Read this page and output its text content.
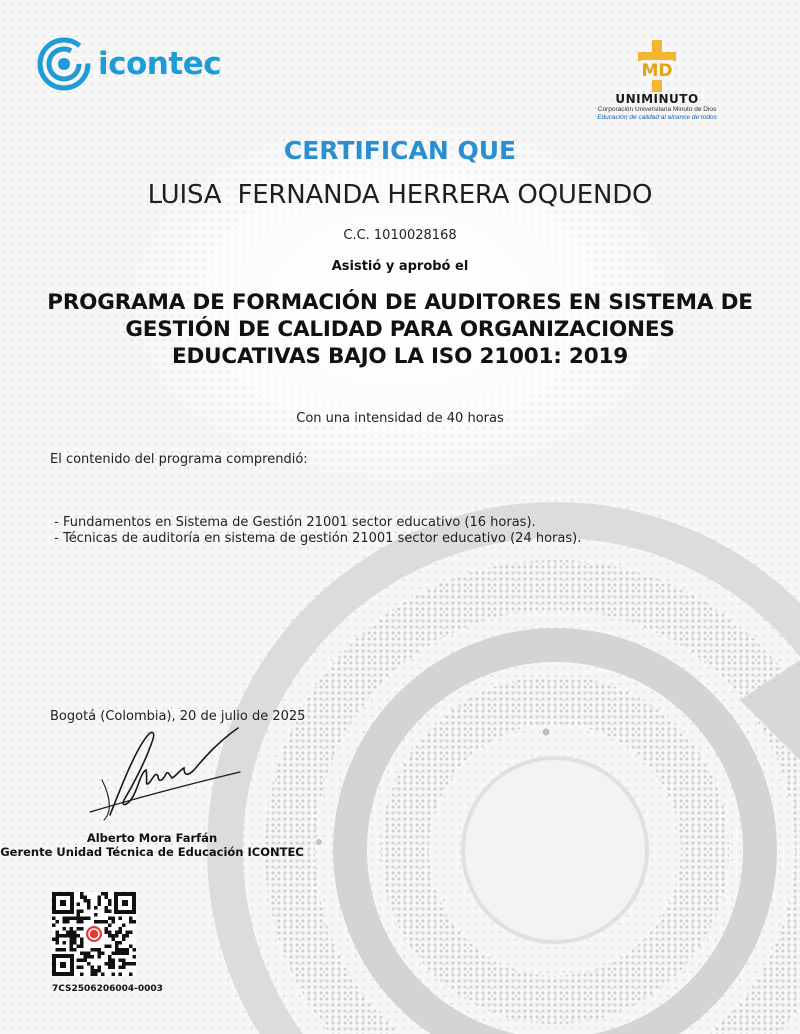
icontec	MD
UNIMINUTO
Corporación Universitaria Minuto de Dios
Educación de calidad al alcance de todos
CERTIFICAN QUE
LUISA  FERNANDA HERRERA OQUENDO
C.C. 1010028168
Asistió y aprobó el
PROGRAMA DE FORMACIÓN DE AUDITORES EN SISTEMA DE
GESTIÓN DE CALIDAD PARA ORGANIZACIONES
EDUCATIVAS BAJO LA ISO 21001: 2019
Con una intensidad de 40 horas
El contenido del programa comprendió:
- Fundamentos en Sistema de Gestión 21001 sector educativo (16 horas).
- Técnicas de auditoría en sistema de gestión 21001 sector educativo (24 horas).
Bogotá (Colombia), 20 de julio de 2025
Alberto Mora Farfán
Gerente Unidad Técnica de Educación ICONTEC
7CS2506206004-0003
